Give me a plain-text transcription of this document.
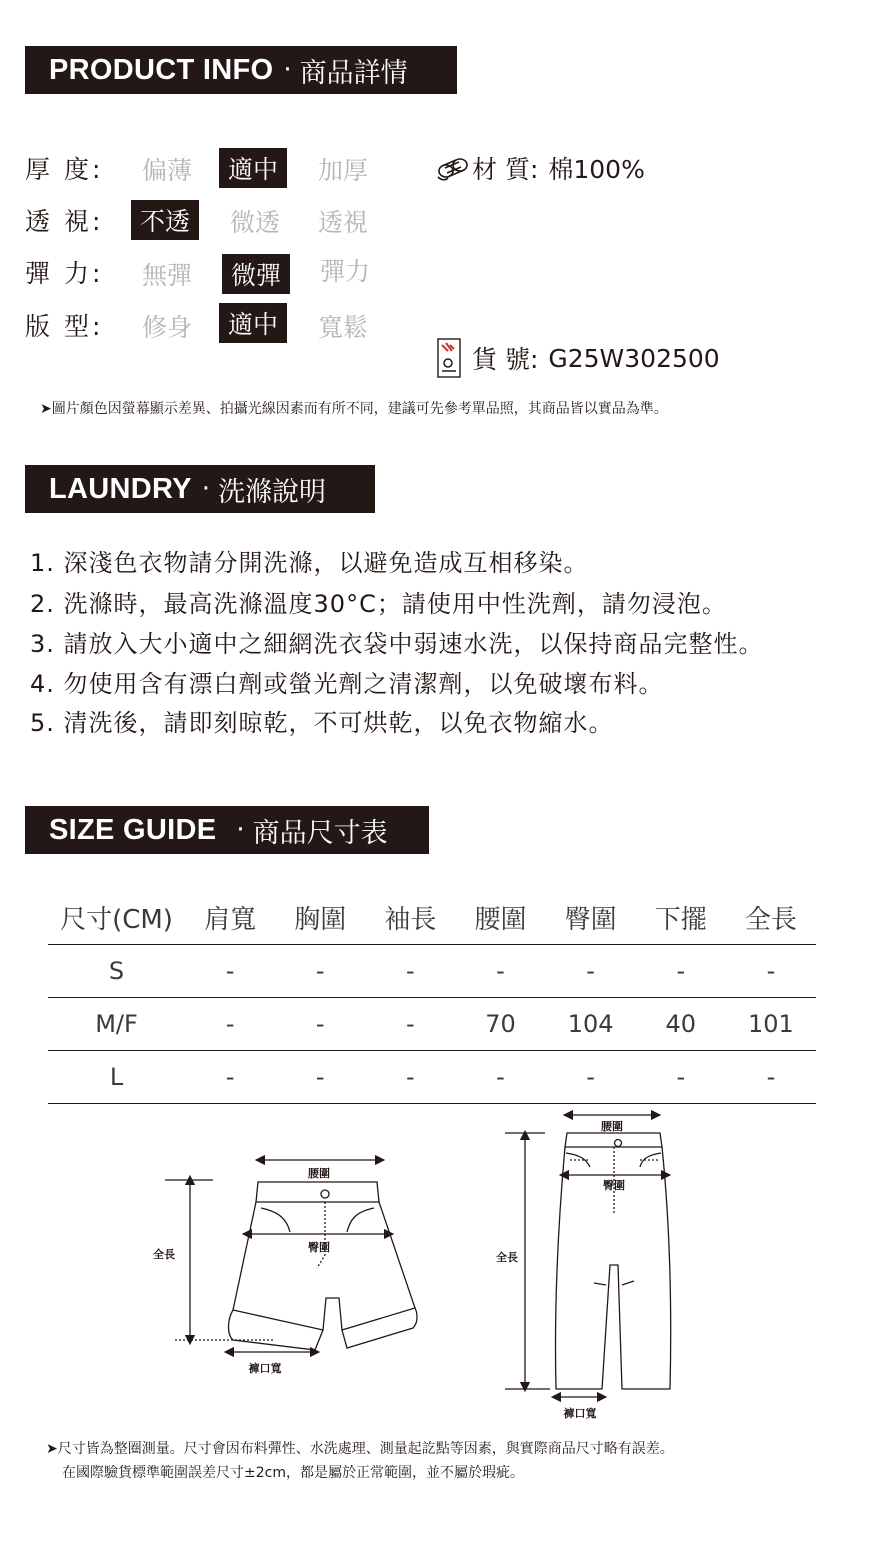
PRODUCT INFO · 商品詳情
厚 度:	偏薄	適中	加厚
透 視:	不透	微透 透視
彈 力:	無彈	微彈	彈力
版 型:	修身	適中	寬鬆
材 質: 棉100%
貨 號: G25W302500
➤圖片顏色因螢幕顯示差異、拍攝光線因素而有所不同，建議可先參考單品照，其商品皆以實品為準。
LAUNDRY · 洗滌說明
1. 深淺色衣物請分開洗滌，以避免造成互相移染。
2. 洗滌時，最高洗滌溫度30°C；請使用中性洗劑，請勿浸泡。
3. 請放入大小適中之細網洗衣袋中弱速水洗，以保持商品完整性。
4. 勿使用含有漂白劑或螢光劑之清潔劑，以免破壞布料。
5. 清洗後，請即刻晾乾，不可烘乾，以免衣物縮水。
SIZE GUIDE · 商品尺寸表
尺寸(CM)	肩寬	胸圍	袖長	腰圍	臀圍	下擺	全長
S	-	-	-	-	-	-	-
M/F	-	-	-	70	104	40	101
L	-	-	-	-	-	-	-
腰圍
臀圍
全長
褲口寬
腰圍
臀圍
全長
褲口寬
➤尺寸皆為整圈測量。尺寸會因布料彈性、水洗處理、測量起訖點等因素，與實際商品尺寸略有誤差。
在國際驗貨標準範圍誤差尺寸±2cm，都是屬於正常範圍，並不屬於瑕疵。
